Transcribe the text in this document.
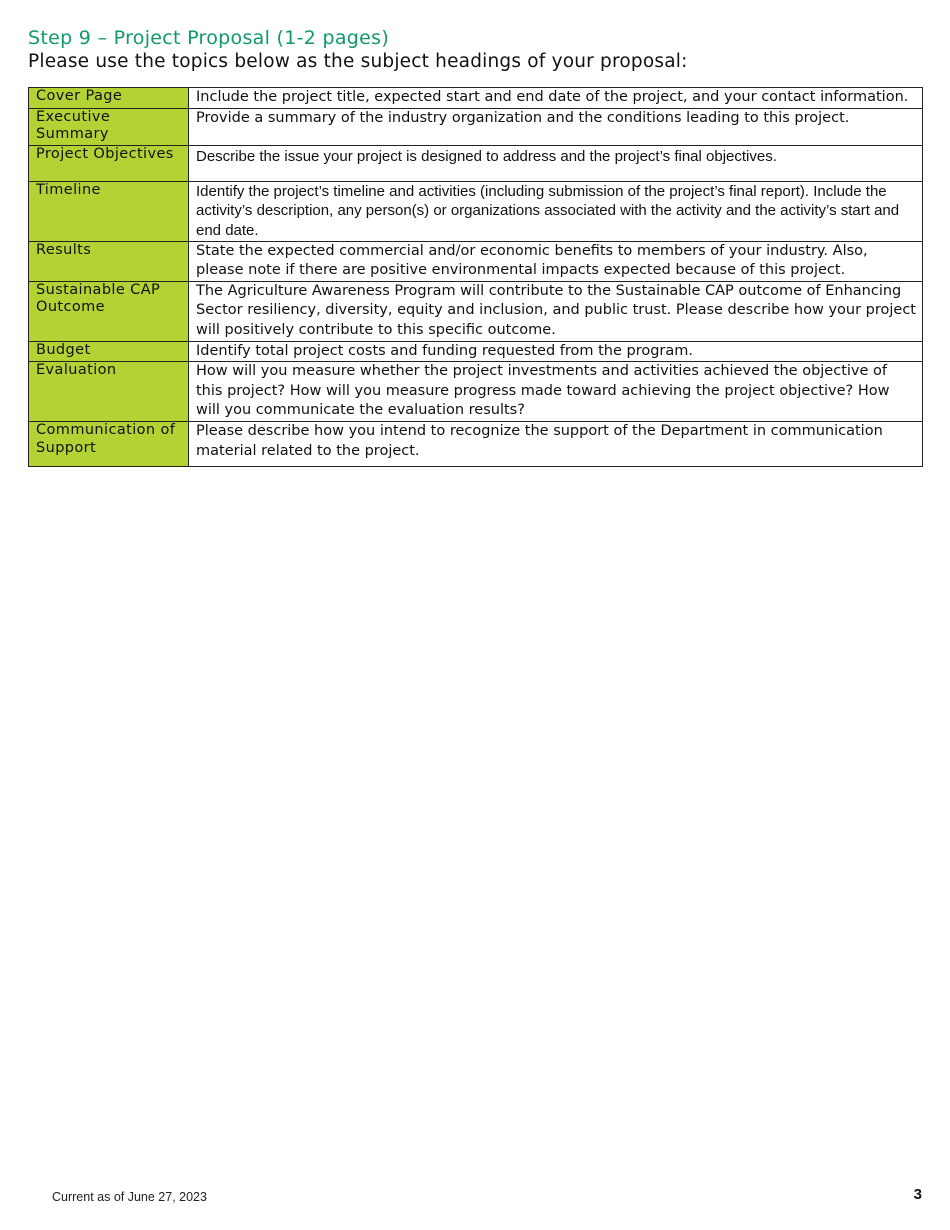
Step 9 – Project Proposal (1-2 pages)
Please use the topics below as the subject headings of your proposal:
Cover Page	Include the project title, expected start and end date of the project, and your contact information.
Executive Summary	Provide a summary of the industry organization and the conditions leading to this project.
Project Objectives	Describe the issue your project is designed to address and the project’s final objectives.
Timeline	Identify the project’s timeline and activities (including submission of the project’s final report). Include the activity’s description, any person(s) or organizations associated with the activity and the activity’s start and end date.
Results	State the expected commercial and/or economic benefits to members of your industry. Also, please note if there are positive environmental impacts expected because of this project.
Sustainable CAP Outcome	The Agriculture Awareness Program will contribute to the Sustainable CAP outcome of Enhancing Sector resiliency, diversity, equity and inclusion, and public trust. Please describe how your project will positively contribute to this specific outcome.
Budget	Identify total project costs and funding requested from the program.
Evaluation	How will you measure whether the project investments and activities achieved the objective of this project? How will you measure progress made toward achieving the project objective? How will you communicate the evaluation results?
Communication of Support	Please describe how you intend to recognize the support of the Department in communication material related to the project.
Current as of June 27, 2023	3
